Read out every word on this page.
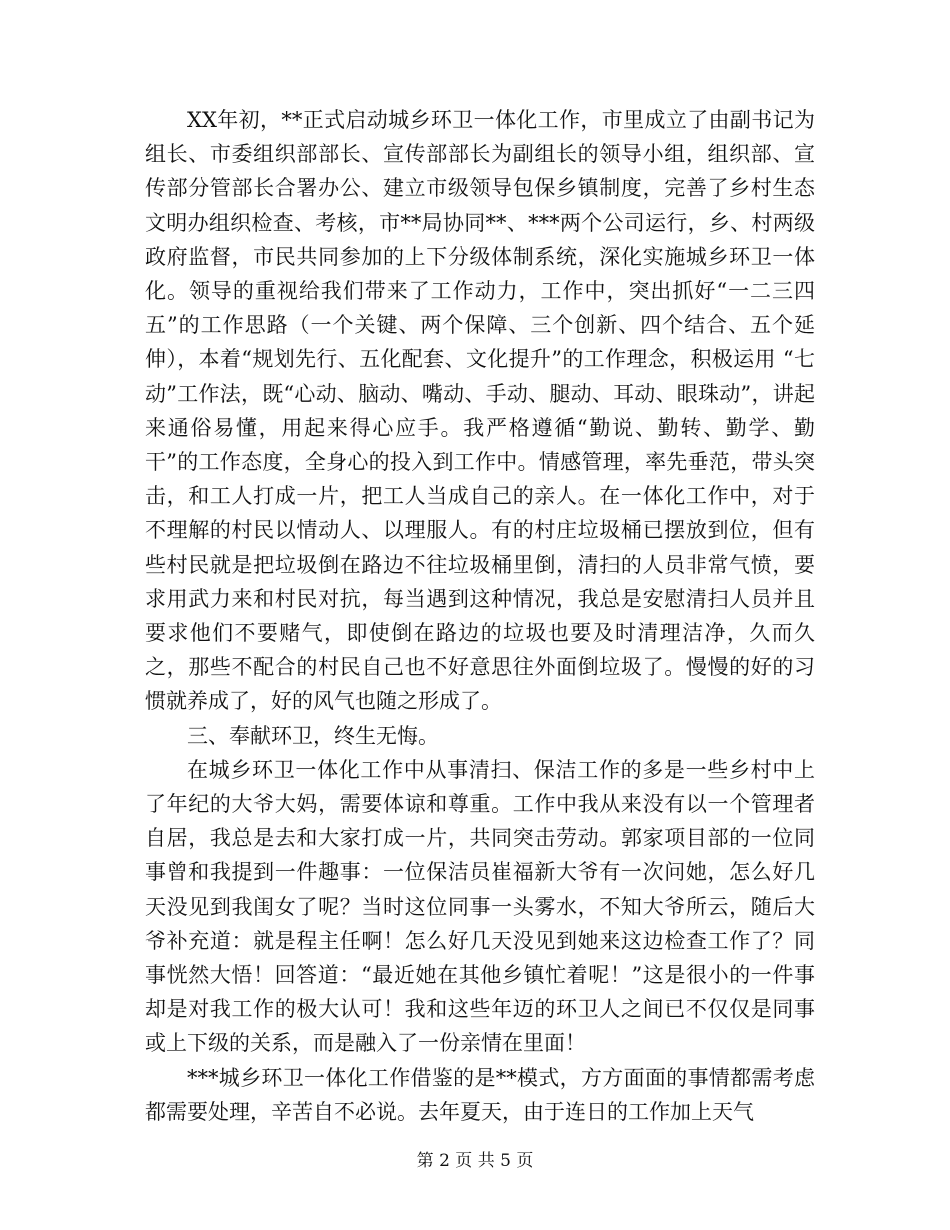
XX年初，**正式启动城乡环卫一体化工作，市里成立了由副书记为组长、市委组织部部长、宣传部部长为副组长的领导小组，组织部、宣传部分管部长合署办公、建立市级领导包保乡镇制度，完善了乡村生态文明办组织检查、考核，市**局协同**、***两个公司运行，乡、村两级政府监督，市民共同参加的上下分级体制系统，深化实施城乡环卫一体化。领导的重视给我们带来了工作动力，工作中，突出抓好“一二三四五”的工作思路（一个关键、两个保障、三个创新、四个结合、五个延伸），本着“规划先行、五化配套、文化提升”的工作理念，积极运用 “七动”工作法，既“心动、脑动、嘴动、手动、腿动、耳动、眼珠动”，讲起来通俗易懂，用起来得心应手。我严格遵循“勤说、勤转、勤学、勤干”的工作态度，全身心的投入到工作中。情感管理，率先垂范，带头突击，和工人打成一片，把工人当成自己的亲人。在一体化工作中，对于不理解的村民以情动人、以理服人。有的村庄垃圾桶已摆放到位，但有些村民就是把垃圾倒在路边不往垃圾桶里倒，清扫的人员非常气愤，要求用武力来和村民对抗，每当遇到这种情况，我总是安慰清扫人员并且要求他们不要赌气，即使倒在路边的垃圾也要及时清理洁净，久而久之，那些不配合的村民自己也不好意思往外面倒垃圾了。慢慢的好的习惯就养成了，好的风气也随之形成了。

三、奉献环卫，终生无悔。

在城乡环卫一体化工作中从事清扫、保洁工作的多是一些乡村中上了年纪的大爷大妈，需要体谅和尊重。工作中我从来没有以一个管理者自居，我总是去和大家打成一片，共同突击劳动。郭家项目部的一位同事曾和我提到一件趣事：一位保洁员崔福新大爷有一次问她，怎么好几天没见到我闺女了呢？当时这位同事一头雾水，不知大爷所云，随后大爷补充道：就是程主任啊！怎么好几天没见到她来这边检查工作了？同事恍然大悟！回答道：“最近她在其他乡镇忙着呢！”这是很小的一件事却是对我工作的极大认可！我和这些年迈的环卫人之间已不仅仅是同事或上下级的关系，而是融入了一份亲情在里面！

***城乡环卫一体化工作借鉴的是**模式，方方面面的事情都需考虑都需要处理，辛苦自不必说。去年夏天，由于连日的工作加上天气

第 2 页 共 5 页
